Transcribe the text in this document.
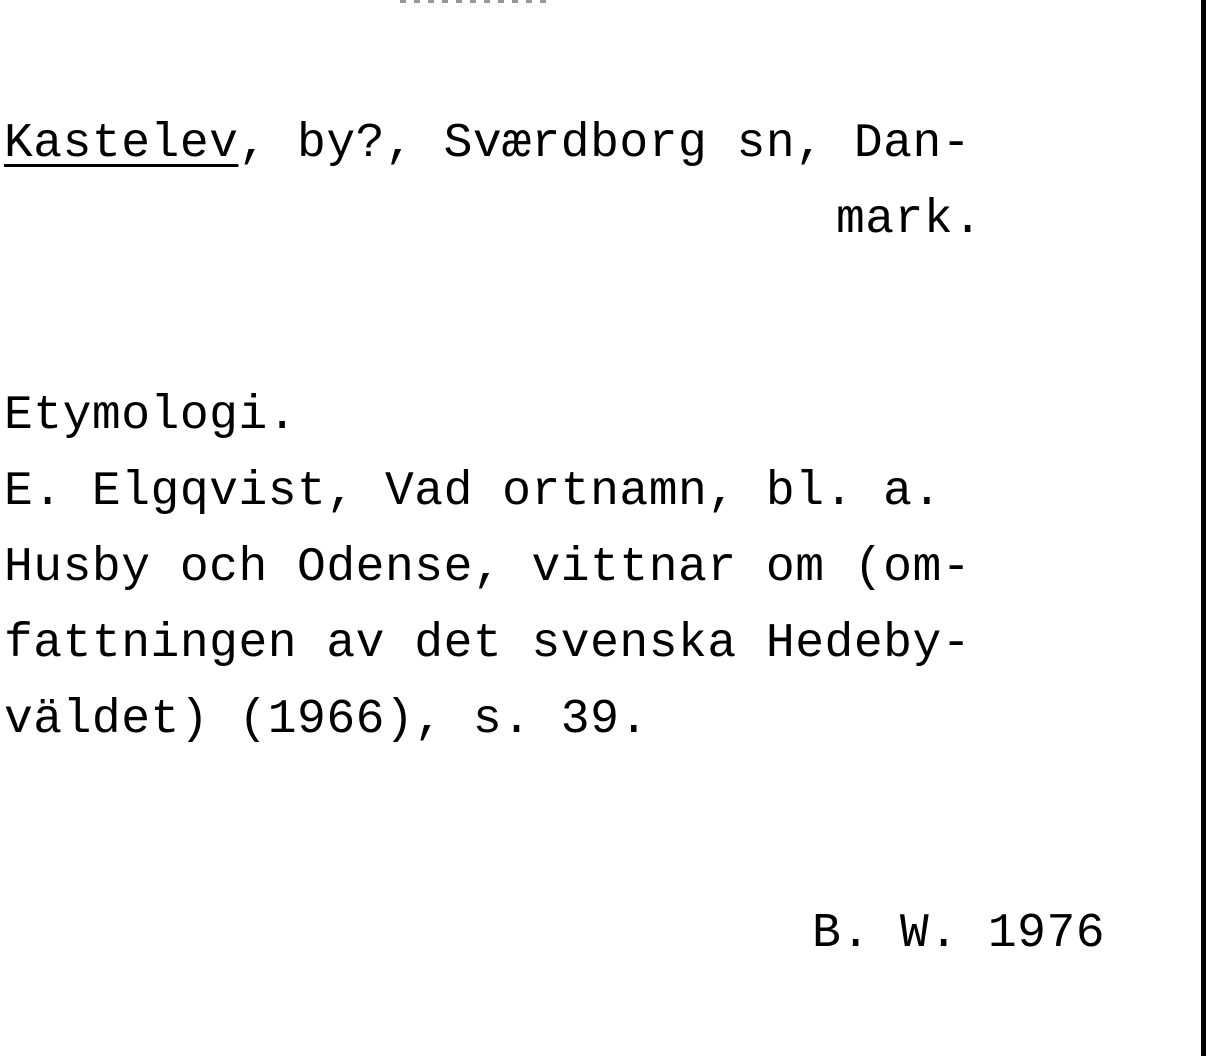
Kastelev, by?, Sværdborg sn, Dan-
mark.
Etymologi.
E. Elgqvist, Vad ortnamn, bl. a.
Husby och Odense, vittnar om (om-
fattningen av det svenska Hedeby-
väldet) (1966), s. 39.
B. W. 1976
